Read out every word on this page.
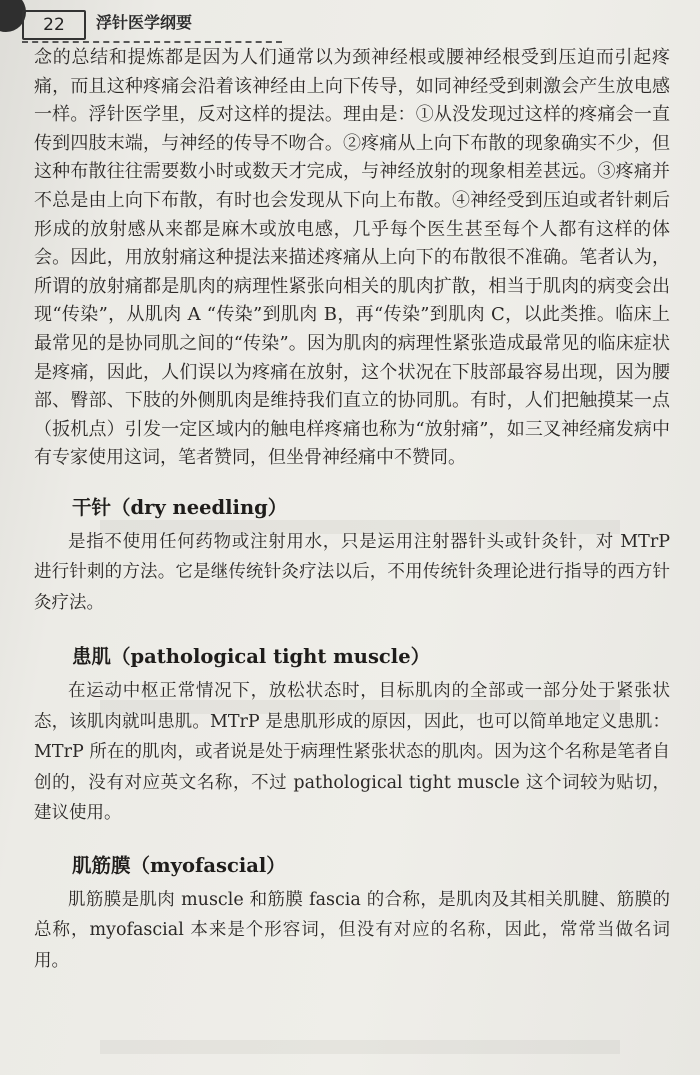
22	浮针医学纲要

念的总结和提炼都是因为人们通常以为颈神经根或腰神经根受到压迫而引起疼痛，而且这种疼痛会沿着该神经由上向下传导，如同神经受到刺激会产生放电感一样。浮针医学里，反对这样的提法。理由是：①从没发现过这样的疼痛会一直传到四肢末端，与神经的传导不吻合。②疼痛从上向下布散的现象确实不少，但这种布散往往需要数小时或数天才完成，与神经放射的现象相差甚远。③疼痛并不总是由上向下布散，有时也会发现从下向上布散。④神经受到压迫或者针刺后形成的放射感从来都是麻木或放电感，几乎每个医生甚至每个人都有这样的体会。因此，用放射痛这种提法来描述疼痛从上向下的布散很不准确。笔者认为，所谓的放射痛都是肌肉的病理性紧张向相关的肌肉扩散，相当于肌肉的病变会出现“传染”，从肌肉 A “传染”到肌肉 B，再“传染”到肌肉 C，以此类推。临床上最常见的是协同肌之间的“传染”。因为肌肉的病理性紧张造成最常见的临床症状是疼痛，因此，人们误以为疼痛在放射，这个状况在下肢部最容易出现，因为腰部、臀部、下肢的外侧肌肉是维持我们直立的协同肌。有时，人们把触摸某一点（扳机点）引发一定区域内的触电样疼痛也称为“放射痛”，如三叉神经痛发病中有专家使用这词，笔者赞同，但坐骨神经痛中不赞同。

干针（dry needling）

是指不使用任何药物或注射用水，只是运用注射器针头或针灸针，对 MTrP 进行针刺的方法。它是继传统针灸疗法以后，不用传统针灸理论进行指导的西方针灸疗法。

患肌（pathological tight muscle）

在运动中枢正常情况下，放松状态时，目标肌肉的全部或一部分处于紧张状态，该肌肉就叫患肌。MTrP 是患肌形成的原因，因此，也可以简单地定义患肌：MTrP 所在的肌肉，或者说是处于病理性紧张状态的肌肉。因为这个名称是笔者自创的，没有对应英文名称，不过 pathological tight muscle 这个词较为贴切，建议使用。

肌筋膜（myofascial）

肌筋膜是肌肉 muscle 和筋膜 fascia 的合称，是肌肉及其相关肌腱、筋膜的总称，myofascial 本来是个形容词，但没有对应的名称，因此，常常当做名词用。
